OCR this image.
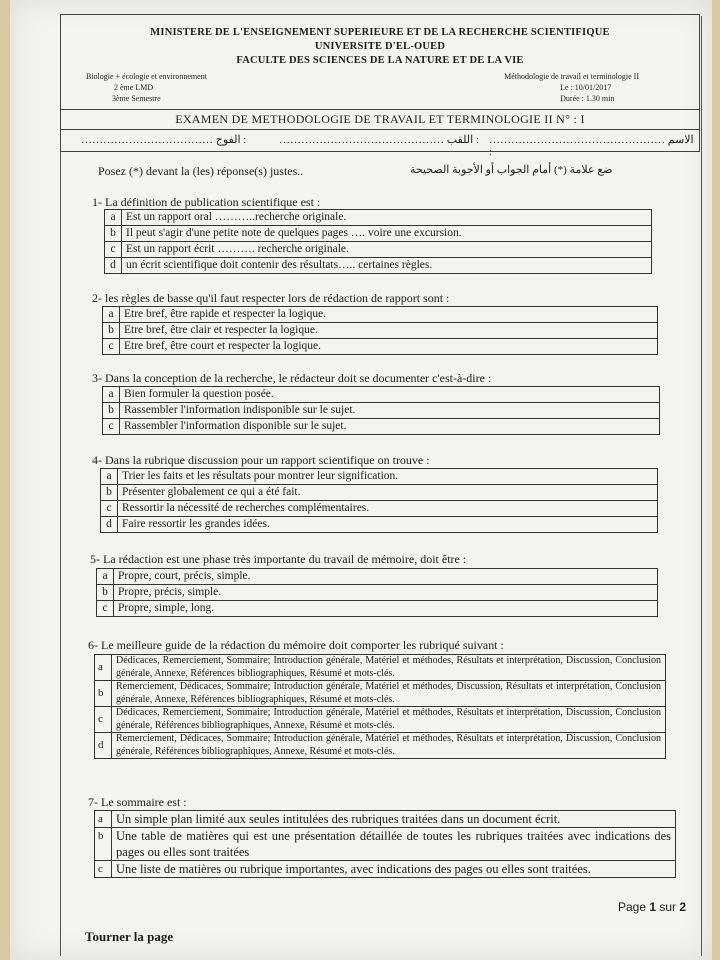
MINISTERE DE L'ENSEIGNEMENT SUPERIEURE ET DE LA RECHERCHE SCIENTIFIQUE
UNIVERSITE D'EL-OUED
FACULTE DES SCIENCES DE LA NATURE ET DE LA VIE
Biologie + écologie et environnement
2 ème LMD
3ème Semestre
Méthodologie de travail et terminologie II
Le : 10/01/2017
Durée : 1.30 min
EXAMEN DE METHODOLOGIE DE TRAVAIL ET TERMINOLOGIE II N° : I
……………………………… الفوج :	……………………………………… اللقب : ………………………………………… الاسم :
Posez (*) devant la (les) réponse(s) justes..	ضع علامة (*) أمام الجواب أو الأجوبة الصحيحة
1- La définition de publication scientifique est :
a	Est un rapport oral ………..recherche originale.
b	Il peut s'agir d'une petite note de quelques pages …. voire une excursion.
c	Est un rapport écrit ………. recherche originale.
d	un écrit scientifique doit contenir des résultats….. certaines règles.
2- les règles de basse qu'il faut respecter lors de rédaction de rapport sont :
a	Etre bref, être rapide et respecter la logique.
b	Etre bref, être clair et respecter la logique.
c	Etre bref, être court et respecter la logique.
3- Dans la conception de la recherche, le rédacteur doit se documenter c'est-à-dire :
a	Bien formuler la question posée.
b	Rassembler l'information indisponible sur le sujet.
c	Rassembler l'information disponible sur le sujet.
4- Dans la rubrique discussion pour un rapport scientifique on trouve :
a	Trier les faits et les résultats pour montrer leur signification.
b	Présenter globalement ce qui a été fait.
c	Ressortir la nécessité de recherches complémentaires.
d	Faire ressortir les grandes idées.
5- La rédaction est une phase très importante du travail de mémoire, doit être :
a	Propre, court, précis, simple.
b	Propre, précis, simple.
c	Propre, simple, long.
6- Le meilleure guide de la rédaction du mémoire doit comporter les rubriqué suivant :
a	Dédicaces, Remerciement, Sommaire; Introduction générale, Matériel et méthodes, Résultats et interprétation, Discussion, Conclusion générale, Annexe, Références bibliographiques, Résumé et mots-clés.
b	Remerciement, Dédicaces, Sommaire; Introduction générale, Matériel et méthodes, Discussion, Résultats et interprétation, Conclusion générale, Annexe, Références bibliographiques, Résumé et mots-clés.
c	Dédicaces, Remerciement, Sommaire; Introduction générale, Matériel et méthodes, Résultats et interprétation, Discussion, Conclusion générale, Références bibliographiques, Annexe, Résumé et mots-clés.
d	Remerciement, Dédicaces, Sommaire; Introduction générale, Matériel et méthodes, Résultats et interprétation, Discussion, Conclusion générale, Références bibliographiques, Annexe, Résumé et mots-clés.
7- Le sommaire est :
a	Un simple plan limité aux seules intitulées des rubriques traitées dans un document écrit.
b	Une table de matières qui est une présentation détaillée de toutes les rubriques traitées avec indications des pages ou elles sont traitées
c	Une liste de matières ou rubrique importantes, avec indications des pages ou elles sont traitées.
Page 1 sur 2
Tourner la page
